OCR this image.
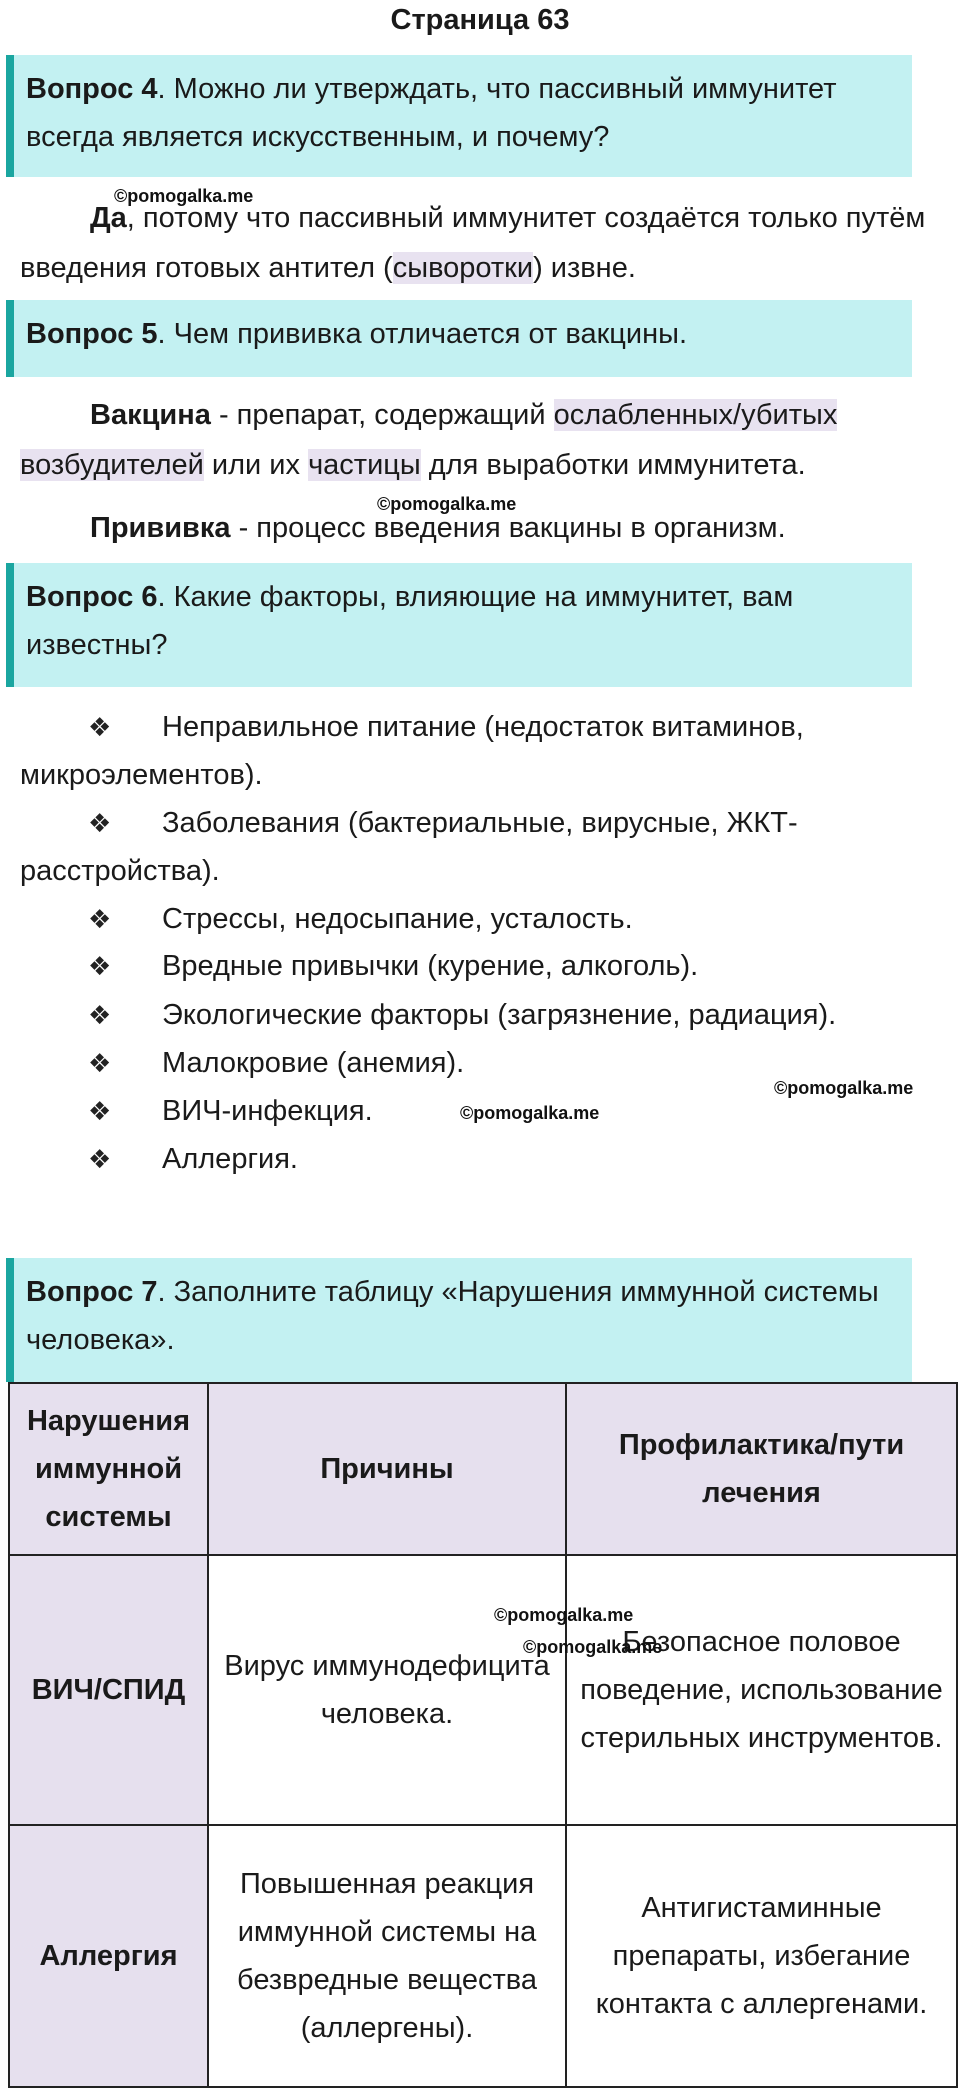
Страница 63
Вопрос 4. Можно ли утверждать, что пассивный иммунитет всегда является искусственным, и почему?
©pomogalka.me
Да, потому что пассивный иммунитет создаётся только путём введения готовых антител (сыворотки) извне.
Вопрос 5. Чем прививка отличается от вакцины.
Вакцина - препарат, содержащий ослабленных/убитых возбудителей или их частицы для выработки иммунитета.
©pomogalka.me
Прививка - процесс введения вакцины в организм.
Вопрос 6. Какие факторы, влияющие на иммунитет, вам известны?
❖	Неправильное питание (недостаток витаминов, микроэлементов).
❖	Заболевания (бактериальные, вирусные, ЖКТ-расстройства).
❖	Стрессы, недосыпание, усталость.
❖	Вредные привычки (курение, алкоголь).
❖	Экологические факторы (загрязнение, радиация).
❖	Малокровие (анемия).
❖	ВИЧ-инфекция.
❖	Аллергия.
©pomogalka.me
©pomogalka.me
Вопрос 7. Заполните таблицу «Нарушения иммунной системы человека».
Нарушения иммунной системы	Причины	Профилактика/пути лечения
ВИЧ/СПИД	Вирус иммунодефицита человека.	Безопасное половое поведение, использование стерильных инструментов.
Аллергия	Повышенная реакция иммунной системы на безвредные вещества (аллергены).	Антигистаминные препараты, избегание контакта с аллергенами.
©pomogalka.me
©pomogalka.me
